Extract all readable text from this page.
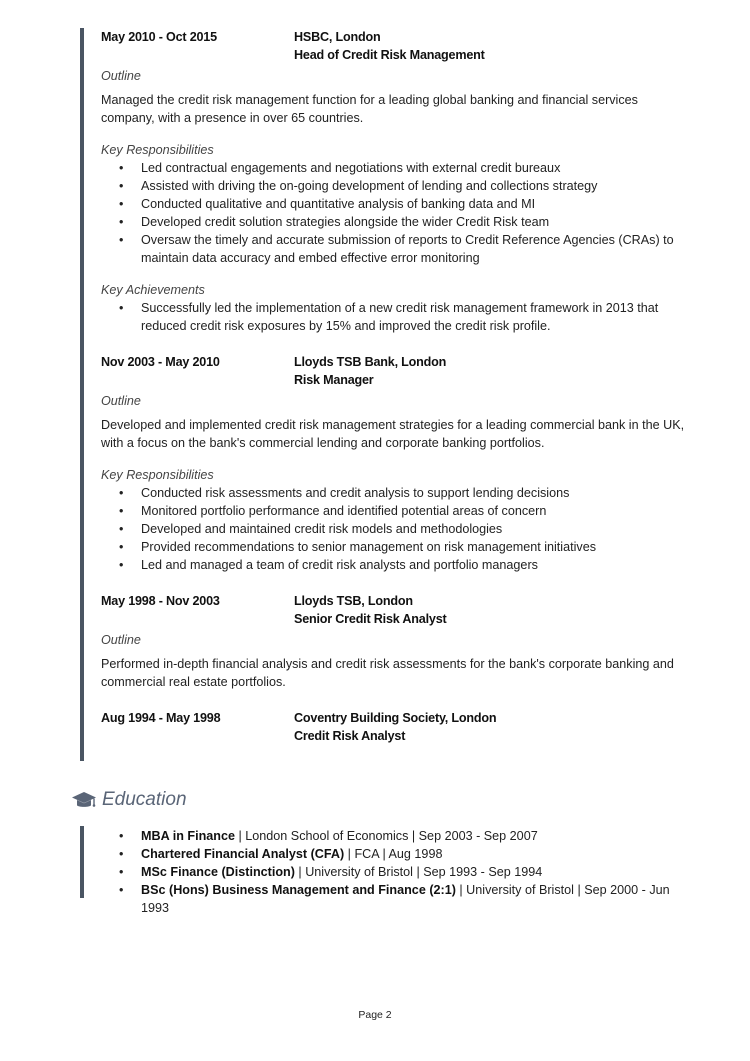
May 2010 - Oct 2015	HSBC, London
Head of Credit Risk Management
Outline
Managed the credit risk management function for a leading global banking and financial services company, with a presence in over 65 countries.
Key Responsibilities
• Led contractual engagements and negotiations with external credit bureaux
• Assisted with driving the on-going development of lending and collections strategy
• Conducted qualitative and quantitative analysis of banking data and MI
• Developed credit solution strategies alongside the wider Credit Risk team
• Oversaw the timely and accurate submission of reports to Credit Reference Agencies (CRAs) to maintain data accuracy and embed effective error monitoring
Key Achievements
• Successfully led the implementation of a new credit risk management framework in 2013 that reduced credit risk exposures by 15% and improved the credit risk profile.
Nov 2003 - May 2010	Lloyds TSB Bank, London
Risk Manager
Outline
Developed and implemented credit risk management strategies for a leading commercial bank in the UK, with a focus on the bank's commercial lending and corporate banking portfolios.
Key Responsibilities
• Conducted risk assessments and credit analysis to support lending decisions
• Monitored portfolio performance and identified potential areas of concern
• Developed and maintained credit risk models and methodologies
• Provided recommendations to senior management on risk management initiatives
• Led and managed a team of credit risk analysts and portfolio managers
May 1998 - Nov 2003	Lloyds TSB, London
Senior Credit Risk Analyst
Outline
Performed in-depth financial analysis and credit risk assessments for the bank's corporate banking and commercial real estate portfolios.
Aug 1994 - May 1998	Coventry Building Society, London
Credit Risk Analyst
Education
• MBA in Finance | London School of Economics | Sep 2003 - Sep 2007
• Chartered Financial Analyst (CFA) | FCA | Aug 1998
• MSc Finance (Distinction) | University of Bristol | Sep 1993 - Sep 1994
• BSc (Hons) Business Management and Finance (2:1) | University of Bristol | Sep 2000 - Jun 1993
Page 2
